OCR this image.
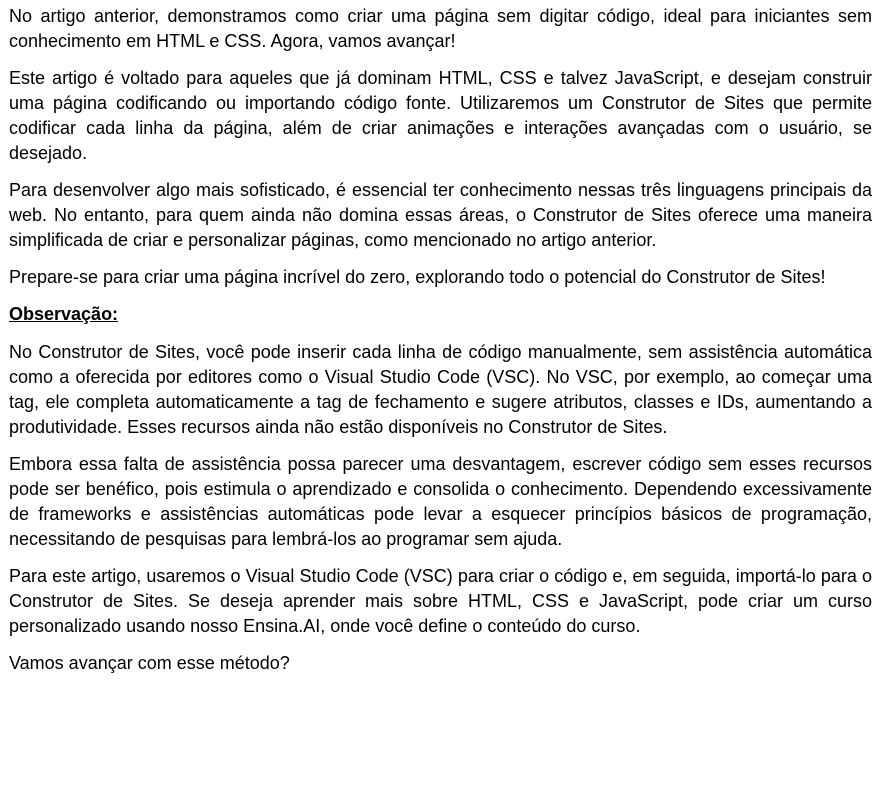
No artigo anterior, demonstramos como criar uma página sem digitar código, ideal para iniciantes sem conhecimento em HTML e CSS. Agora, vamos avançar!

Este artigo é voltado para aqueles que já dominam HTML, CSS e talvez JavaScript, e desejam construir uma página codificando ou importando código fonte. Utilizaremos um Construtor de Sites que permite codificar cada linha da página, além de criar animações e interações avançadas com o usuário, se desejado.

Para desenvolver algo mais sofisticado, é essencial ter conhecimento nessas três linguagens principais da web. No entanto, para quem ainda não domina essas áreas, o Construtor de Sites oferece uma maneira simplificada de criar e personalizar páginas, como mencionado no artigo anterior.

Prepare-se para criar uma página incrível do zero, explorando todo o potencial do Construtor de Sites!

Observação:

No Construtor de Sites, você pode inserir cada linha de código manualmente, sem assistência automática como a oferecida por editores como o Visual Studio Code (VSC). No VSC, por exemplo, ao começar uma tag, ele completa automaticamente a tag de fechamento e sugere atributos, classes e IDs, aumentando a produtividade. Esses recursos ainda não estão disponíveis no Construtor de Sites.

Embora essa falta de assistência possa parecer uma desvantagem, escrever código sem esses recursos pode ser benéfico, pois estimula o aprendizado e consolida o conhecimento. Dependendo excessivamente de frameworks e assistências automáticas pode levar a esquecer princípios básicos de programação, necessitando de pesquisas para lembrá-los ao programar sem ajuda.

Para este artigo, usaremos o Visual Studio Code (VSC) para criar o código e, em seguida, importá-lo para o Construtor de Sites. Se deseja aprender mais sobre HTML, CSS e JavaScript, pode criar um curso personalizado usando nosso Ensina.AI, onde você define o conteúdo do curso.

Vamos avançar com esse método?
